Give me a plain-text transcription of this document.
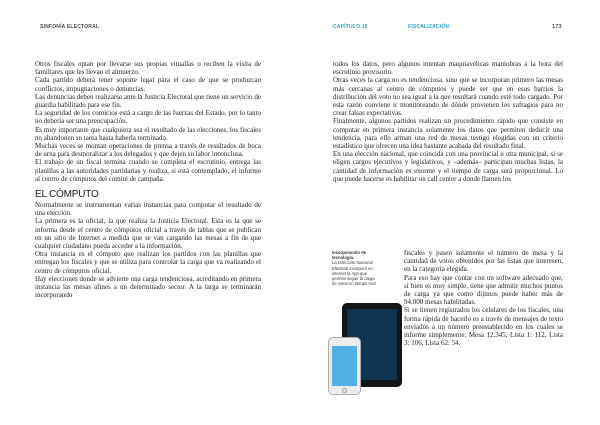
SINFONÍA ELECTORAL	CAPÍTULO 10	FISCALIZACIÓN	173

Otros fiscales optan por llevarse sus propias vituallas o reciben la visita de familiares que les llevan el almuerzo.

Cada partido deberá tener soporte legal para el caso de que se produzcan conflictos, impugnaciones o denuncias.

Las denuncias deben realizarse ante la Justicia Electoral que tiene un servicio de guardia habilitado para ese fin.

La seguridad de los comicios está a cargo de las fuerzas del Estado, por lo tanto no debería ser una preocupación.

Es muy importante que cualquiera sea el resultado de las elecciones, los fiscales no abandonen su tarea hasta haberla terminado.

Muchas veces se montan operaciones de prensa a través de resultados de boca de urna para desmoralizar a los delegados y que dejen su labor inconclusa.

El trabajo de un fiscal termina cuando se completa el escrutinio, entrega las planillas a las autoridades partidarias y realiza, si está contemplado, el informe al centro de cómputos del comité de campaña.

EL CÓMPUTO

Normalmente se instrumentan varias instancias para computar el resultado de una elección.

La primera es la oficial, la que realiza la Justicia Electoral. Esta es la que se informa desde el centro de cómputos oficial a través de tablas que se publican en un sitio de Internet a medida que se van cargando las mesas a fin de que cualquier ciudadano pueda acceder a la información.

Otra instancia es el cómputo que realizan los partidos con las planillas que entregan los fiscales y que se utiliza para controlar la carga que va realizando el centro de cómputos oficial.

Hay elecciones donde se advierte una carga tendenciosa, acreditando en primera instancia las mesas afines a un determinado sector. A la larga se terminarán incorporando

todos los datos, pero algunos intentan maquiavélicas maniobras a la hora del escrutinio provisorio.

Otras veces la carga no es tendenciosa, sino que se incorporan primero las mesas más cercanas al centro de cómputos y puede ser que en esos barrios la distribución del voto no sea igual a la que resultará cuando esté todo cargado. Por esta razón conviene ir monitoreando de dónde provienen los sufragios para no crear falsas expectativas.

Finalmente, algunos partidos realizan un procedimiento rápido que consiste en computar en primera instancia solamente los datos que permiten deducir una tendencia, para ello arman una red de mesas testigo elegidas con un criterio estadístico que ofrecen una idea bastante acabada del resultado final.

En una elección nacional, que coincida con una provincial u otra municipal, si se eligen cargos ejecutivos y legislativos, y –además– participan muchas listas, la cantidad de información es enorme y el tiempo de carga será proporcional. Lo que puede hacerse es habilitar un call center a donde llamen los

fiscales y pasen solamente el número de mesa y la cantidad de votos obtenidos por las listas que interesen, en la categoría elegida.

Para eso hay que contar con un software adecuado que, si bien es muy simple, tiene que admitir muchos puntos de carga ya que como dijimos puede haber más de 94.000 mesas habilitadas.

Si se tienen registrados los celulares de los fiscales, una forma rápida de hacerlo es a través de mensajes de texto enviados a un número preestablecido en los cuales se informe simplemente: Mesa 12.345, Lista 1: 112, Lista 3: 106, Lista 62: 54.

Incorporación de tecnología.
La Dirección Nacional Electoral incorporó en internet la App que permite seguir la carga de votos en tiempo real
